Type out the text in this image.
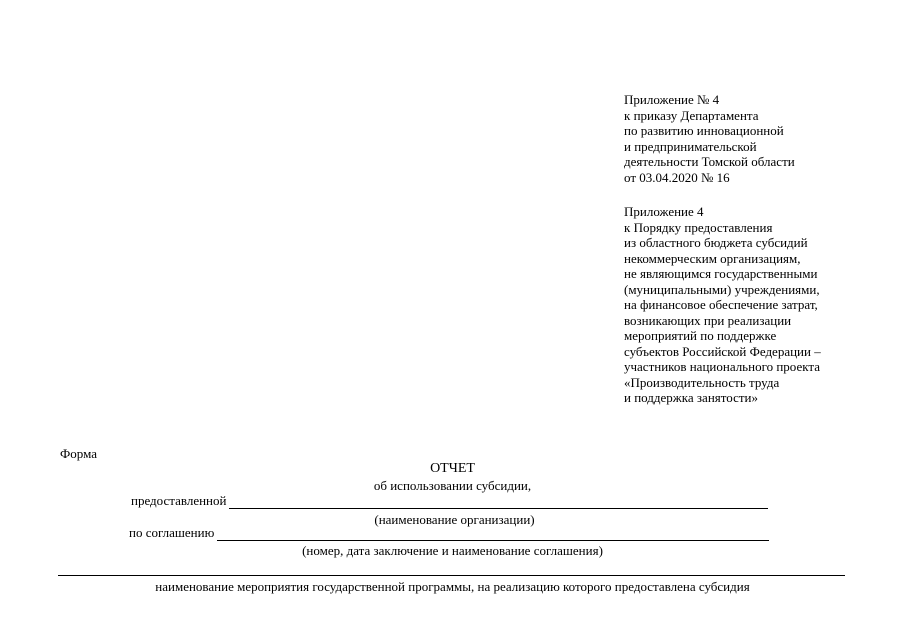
Приложение № 4
к приказу Департамента
по развитию инновационной
и предпринимательской
деятельности Томской области
от 03.04.2020 № 16
Приложение 4
к Порядку предоставления
из областного бюджета субсидий
некоммерческим организациям,
не являющимся государственными
(муниципальными) учреждениями,
на финансовое обеспечение затрат,
возникающих при реализации
мероприятий по поддержке
субъектов Российской Федерации –
участников национального проекта
«Производительность труда
и поддержка занятости»
Форма
ОТЧЕТ
об использовании субсидии,
предоставленной
(наименование организации)
по соглашению
(номер, дата заключение и наименование соглашения)
наименование мероприятия государственной программы, на реализацию которого предоставлена субсидия
